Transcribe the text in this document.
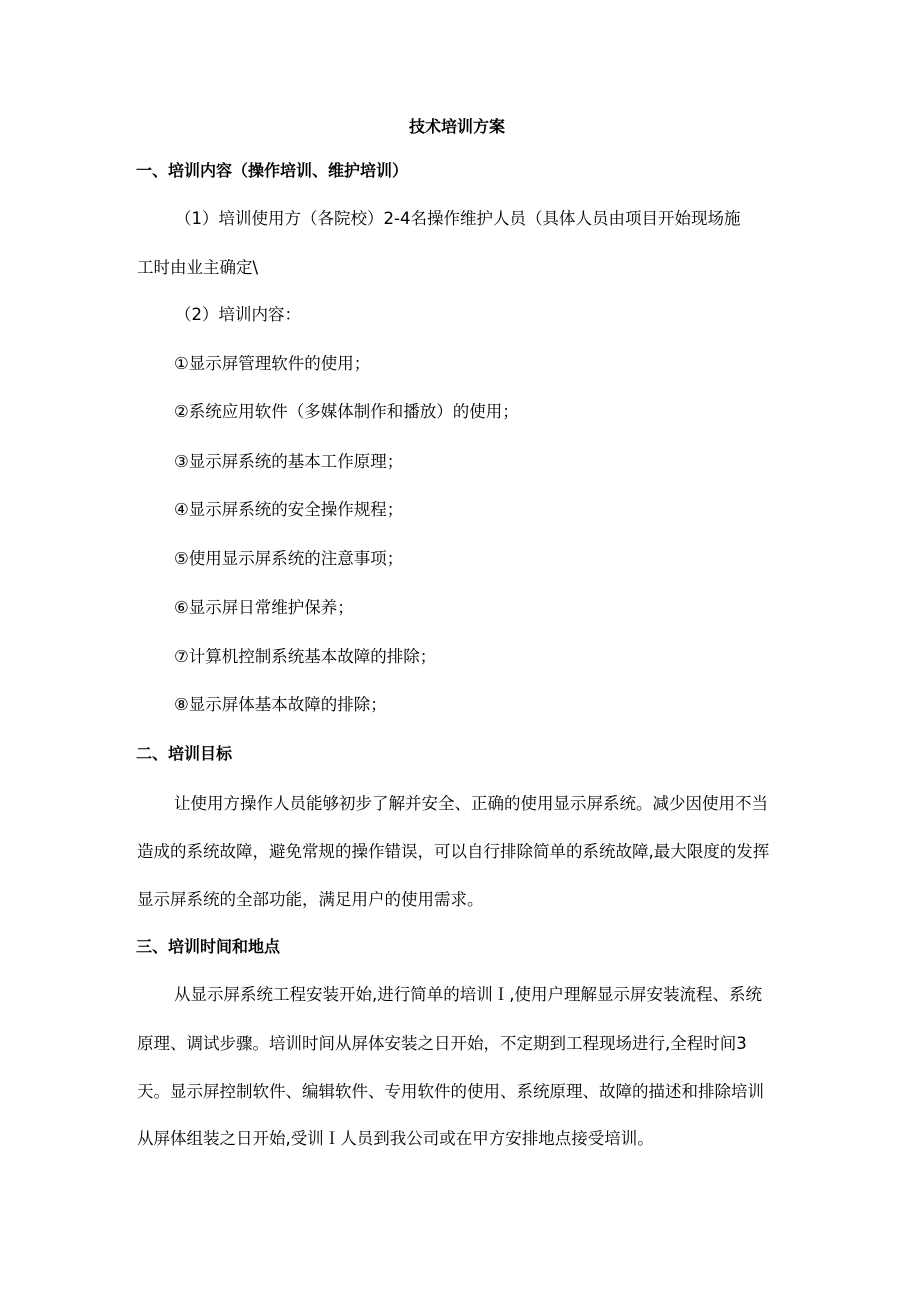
技术培训方案
一、培训内容（操作培训、维护培训）
（1）培训使用方（各院校）2-4名操作维护人员（具体人员由项目开始现场施
工时由业主确定\
（2）培训内容：
①显示屏管理软件的使用；
②系统应用软件（多媒体制作和播放）的使用；
③显示屏系统的基本工作原理；
④显示屏系统的安全操作规程；
⑤使用显示屏系统的注意事项；
⑥显示屏日常维护保养；
⑦计算机控制系统基本故障的排除；
⑧显示屏体基本故障的排除；
二、培训目标
让使用方操作人员能够初步了解并安全、正确的使用显示屏系统。减少因使用不当
造成的系统故障，避免常规的操作错误，可以自行排除简单的系统故障,最大限度的发挥
显示屏系统的全部功能，满足用户的使用需求。
三、培训时间和地点
从显示屏系统工程安装开始,进行简单的培训Ｉ,使用户理解显示屏安装流程、系统
原理、调试步骤。培训时间从屏体安装之日开始，不定期到工程现场进行,全程时间3
天。显示屏控制软件、编辑软件、专用软件的使用、系统原理、故障的描述和排除培训
从屏体组装之日开始,受训Ｉ人员到我公司或在甲方安排地点接受培训。
